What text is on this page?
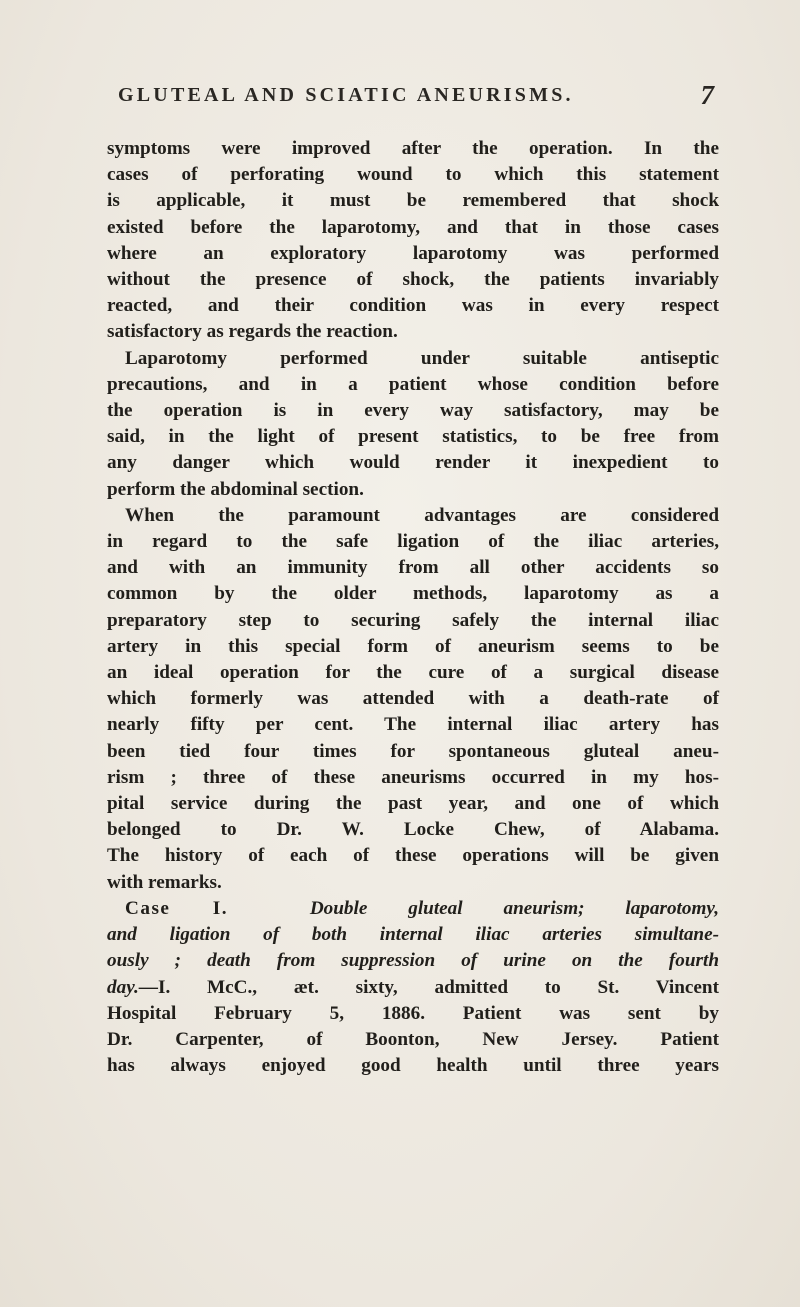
GLUTEAL AND SCIATIC ANEURISMS.	7
symptoms were improved after the operation. In the
cases of perforating wound to which this statement
is applicable, it must be remembered that shock
existed before the laparotomy, and that in those cases
where an exploratory laparotomy was performed
without the presence of shock, the patients invariably
reacted, and their condition was in every respect
satisfactory as regards the reaction.
Laparotomy performed under suitable antiseptic
precautions, and in a patient whose condition before
the operation is in every way satisfactory, may be
said, in the light of present statistics, to be free from
any danger which would render it inexpedient to
perform the abdominal section.
When the paramount advantages are considered
in regard to the safe ligation of the iliac arteries,
and with an immunity from all other accidents so
common by the older methods, laparotomy as a
preparatory step to securing safely the internal iliac
artery in this special form of aneurism seems to be
an ideal operation for the cure of a surgical disease
which formerly was attended with a death-rate of
nearly fifty per cent. The internal iliac artery has
been tied four times for spontaneous gluteal aneu-
rism ; three of these aneurisms occurred in my hos-
pital service during the past year, and one of which
belonged to Dr. W. Locke Chew, of Alabama.
The history of each of these operations will be given
with remarks.
Case I.	Double gluteal aneurism; laparotomy,
and ligation of both internal iliac arteries simultane-
ously ; death from suppression of urine on the fourth
day.—I. McC., æt. sixty, admitted to St. Vincent
Hospital February 5, 1886. Patient was sent by
Dr. Carpenter, of Boonton, New Jersey. Patient
has always enjoyed good health until three years
